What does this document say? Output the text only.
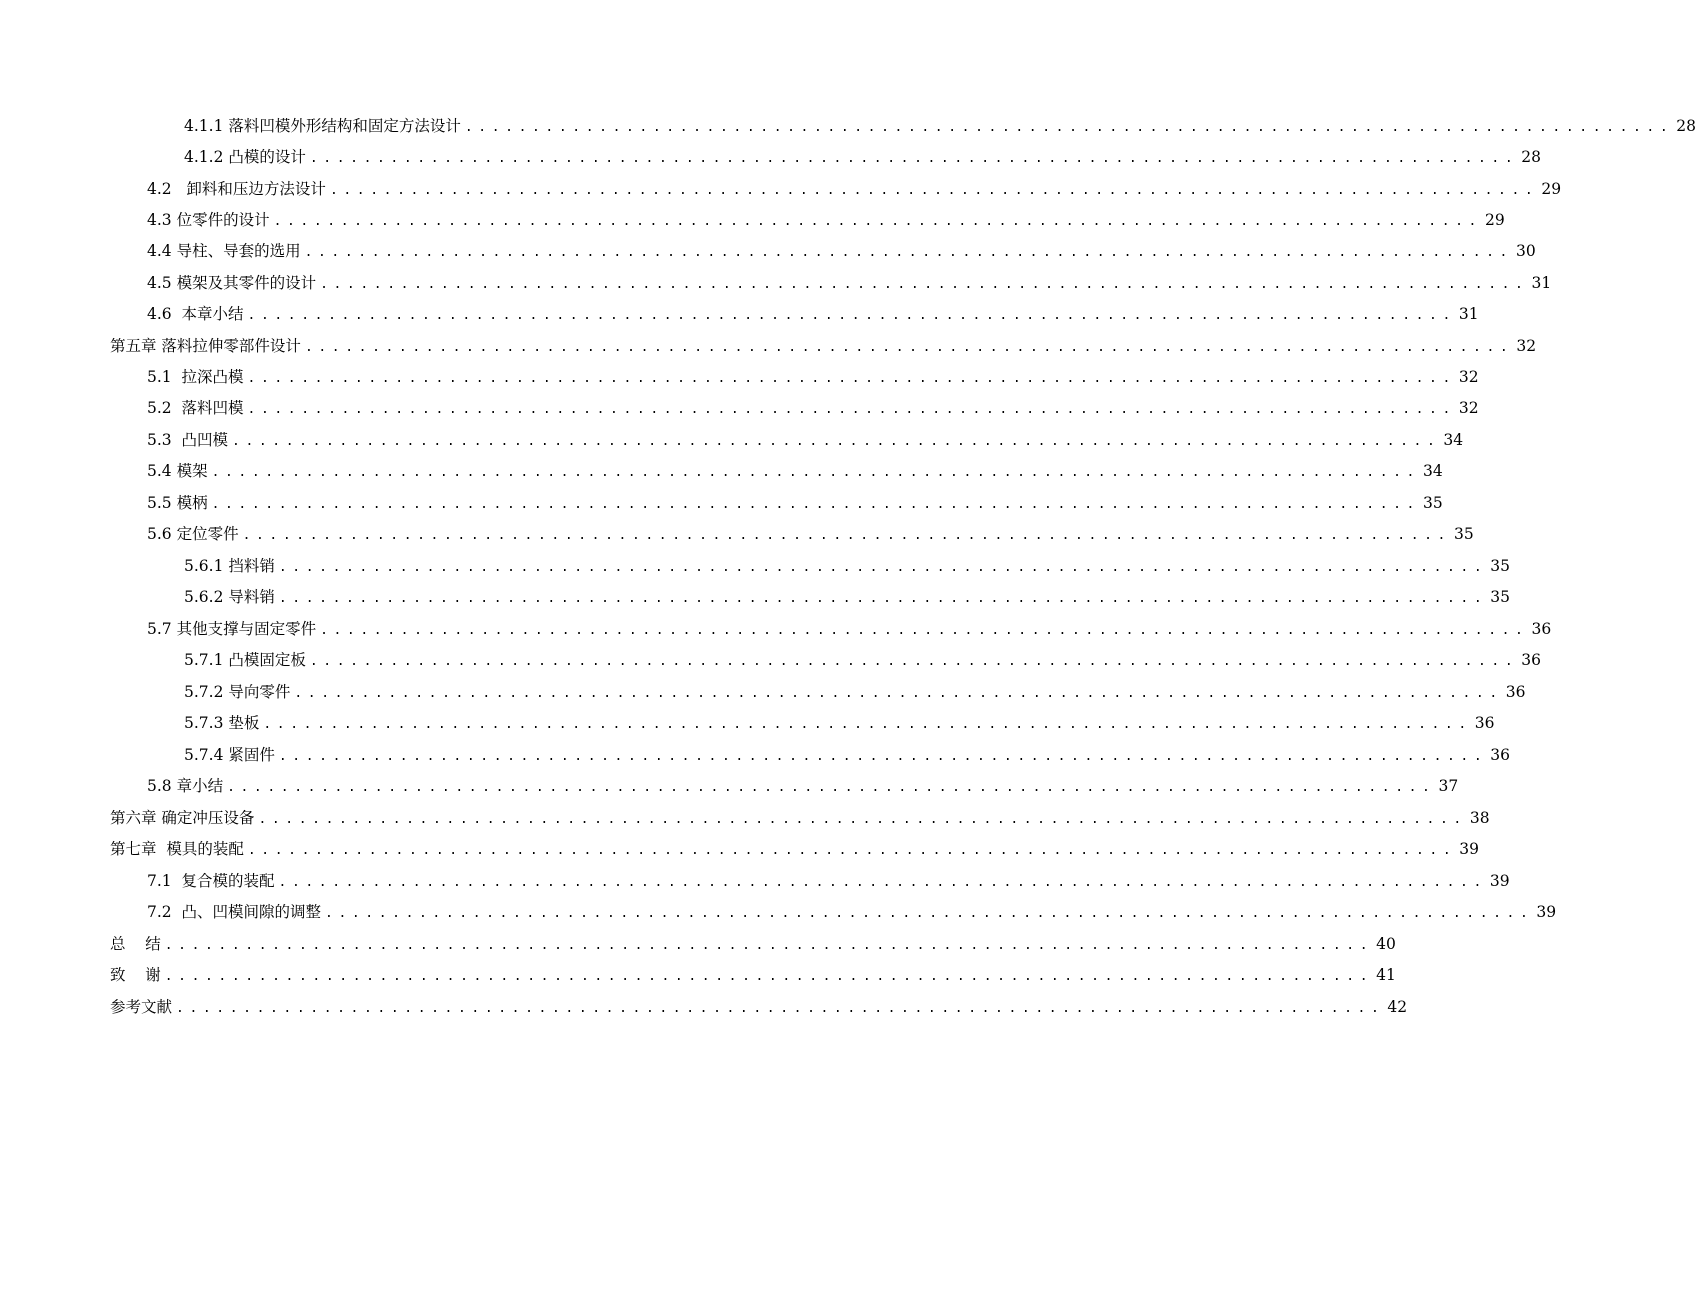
4.1.1 落料凹模外形结构和固定方法设计 .......................................................................................... 28
4.1.2 凸模的设计 .......................................................................................... 28
4.2   卸料和压边方法设计 .......................................................................................... 29
4.3 位零件的设计 .......................................................................................... 29
4.4 导柱、导套的选用 .......................................................................................... 30
4.5 模架及其零件的设计 .......................................................................................... 31
4.6  本章小结 .......................................................................................... 31
第五章 落料拉伸零部件设计 .......................................................................................... 32
5.1  拉深凸模 .......................................................................................... 32
5.2  落料凹模 .......................................................................................... 32
5.3  凸凹模 .......................................................................................... 34
5.4 模架 .......................................................................................... 34
5.5 模柄 .......................................................................................... 35
5.6 定位零件 .......................................................................................... 35
5.6.1 挡料销 .......................................................................................... 35
5.6.2 导料销 .......................................................................................... 35
5.7 其他支撑与固定零件 .......................................................................................... 36
5.7.1 凸模固定板 .......................................................................................... 36
5.7.2 导向零件 .......................................................................................... 36
5.7.3 垫板 .......................................................................................... 36
5.7.4 紧固件 .......................................................................................... 36
5.8 章小结 .......................................................................................... 37
第六章 确定冲压设备 .......................................................................................... 38
第七章  模具的装配 .......................................................................................... 39
7.1  复合模的装配 .......................................................................................... 39
7.2  凸、凹模间隙的调整 .......................................................................................... 39
总    结 .......................................................................................... 40
致    谢 .......................................................................................... 41
参考文献 .......................................................................................... 42
